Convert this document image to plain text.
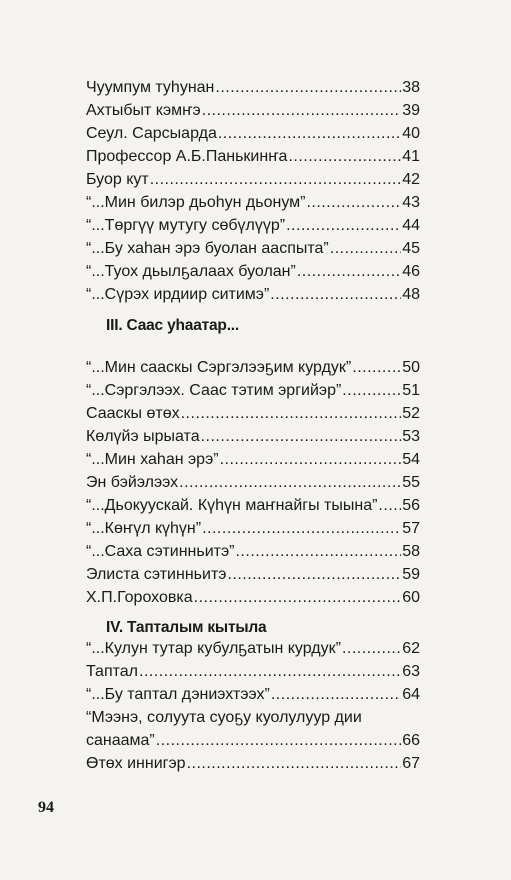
Чуумпум туһунан .....	38
Ахтыбыт кэмҥэ .....	39
Сеул. Сарсыарда .....	40
Профессор А.Б.Панькинҥа .....	41
Буор кут .....	42
“...Мин билэр дьоһун дьонум” .....	43
“...Төргүү мутугу сөбүлүүр” .....	44
“...Бу хаһан эрэ буолан ааспыта” .....	45
“...Туох дьылҕалаах буолан” .....	46
“...Сүрэх ирдиир ситимэ” .....	48
III. Саас уһаатар...
“...Мин сааскы Сэргэлээҕим курдук” .....	50
“...Сэргэлээх. Саас тэтим эргийэр” .....	51
Сааскы өтөх .....	52
Көлүйэ ырыата .....	53
“...Мин хаһан эрэ” .....	54
Эн бэйэлээх .....	55
“...Дьокуускай. Күһүн маҥнайгы тыына” ..... 56
“...Көҥүл күһүн” .....	57
“...Саха сэтинньитэ” .....	58
Элиста сэтинньитэ .....	59
Х.П.Гороховка .....	60
IV. Тапталым кытыла
“...Кулун тутар кубулҕатын курдук” .....	62
Таптал .....	63
“...Бу таптал дэниэхтээх” .....	64
“Мээнэ, солуута суоҕу куолулуур дии
санаама” .....	66
Өтөх иннигэр .....	67
94
